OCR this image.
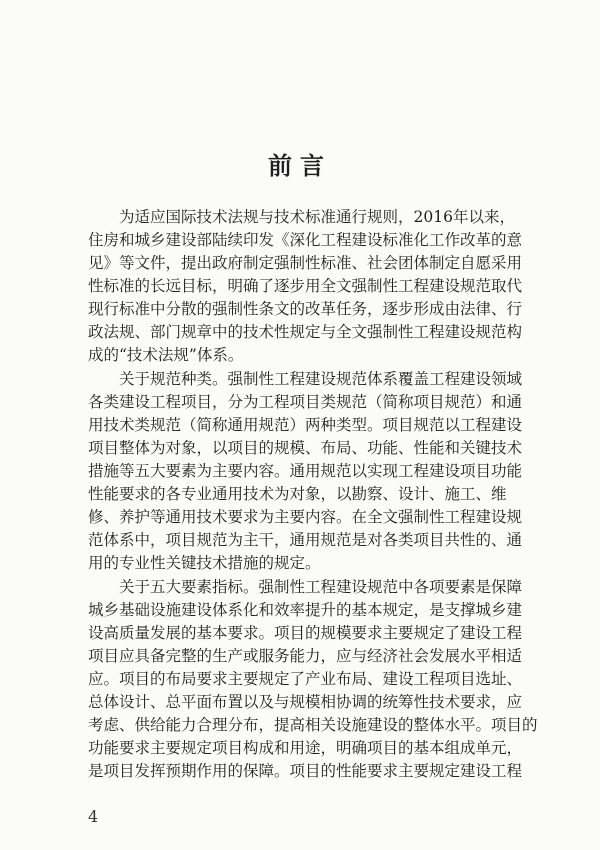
前言
　　为适应国际技术法规与技术标准通行规则，2016年以来，
住房和城乡建设部陆续印发《深化工程建设标准化工作改革的意
见》等文件，提出政府制定强制性标准、社会团体制定自愿采用
性标准的长远目标，明确了逐步用全文强制性工程建设规范取代
现行标准中分散的强制性条文的改革任务，逐步形成由法律、行
政法规、部门规章中的技术性规定与全文强制性工程建设规范构
成的“技术法规”体系。
　　关于规范种类。强制性工程建设规范体系覆盖工程建设领域
各类建设工程项目，分为工程项目类规范（简称项目规范）和通
用技术类规范（简称通用规范）两种类型。项目规范以工程建设
项目整体为对象，以项目的规模、布局、功能、性能和关键技术
措施等五大要素为主要内容。通用规范以实现工程建设项目功能
性能要求的各专业通用技术为对象，以勘察、设计、施工、维
修、养护等通用技术要求为主要内容。在全文强制性工程建设规
范体系中，项目规范为主干，通用规范是对各类项目共性的、通
用的专业性关键技术措施的规定。
　　关于五大要素指标。强制性工程建设规范中各项要素是保障
城乡基础设施建设体系化和效率提升的基本规定，是支撑城乡建
设高质量发展的基本要求。项目的规模要求主要规定了建设工程
项目应具备完整的生产或服务能力，应与经济社会发展水平相适
应。项目的布局要求主要规定了产业布局、建设工程项目选址、
总体设计、总平面布置以及与规模相协调的统筹性技术要求，应
考虑、供给能力合理分布，提高相关设施建设的整体水平。项目的
功能要求主要规定项目构成和用途，明确项目的基本组成单元，
是项目发挥预期作用的保障。项目的性能要求主要规定建设工程
4
